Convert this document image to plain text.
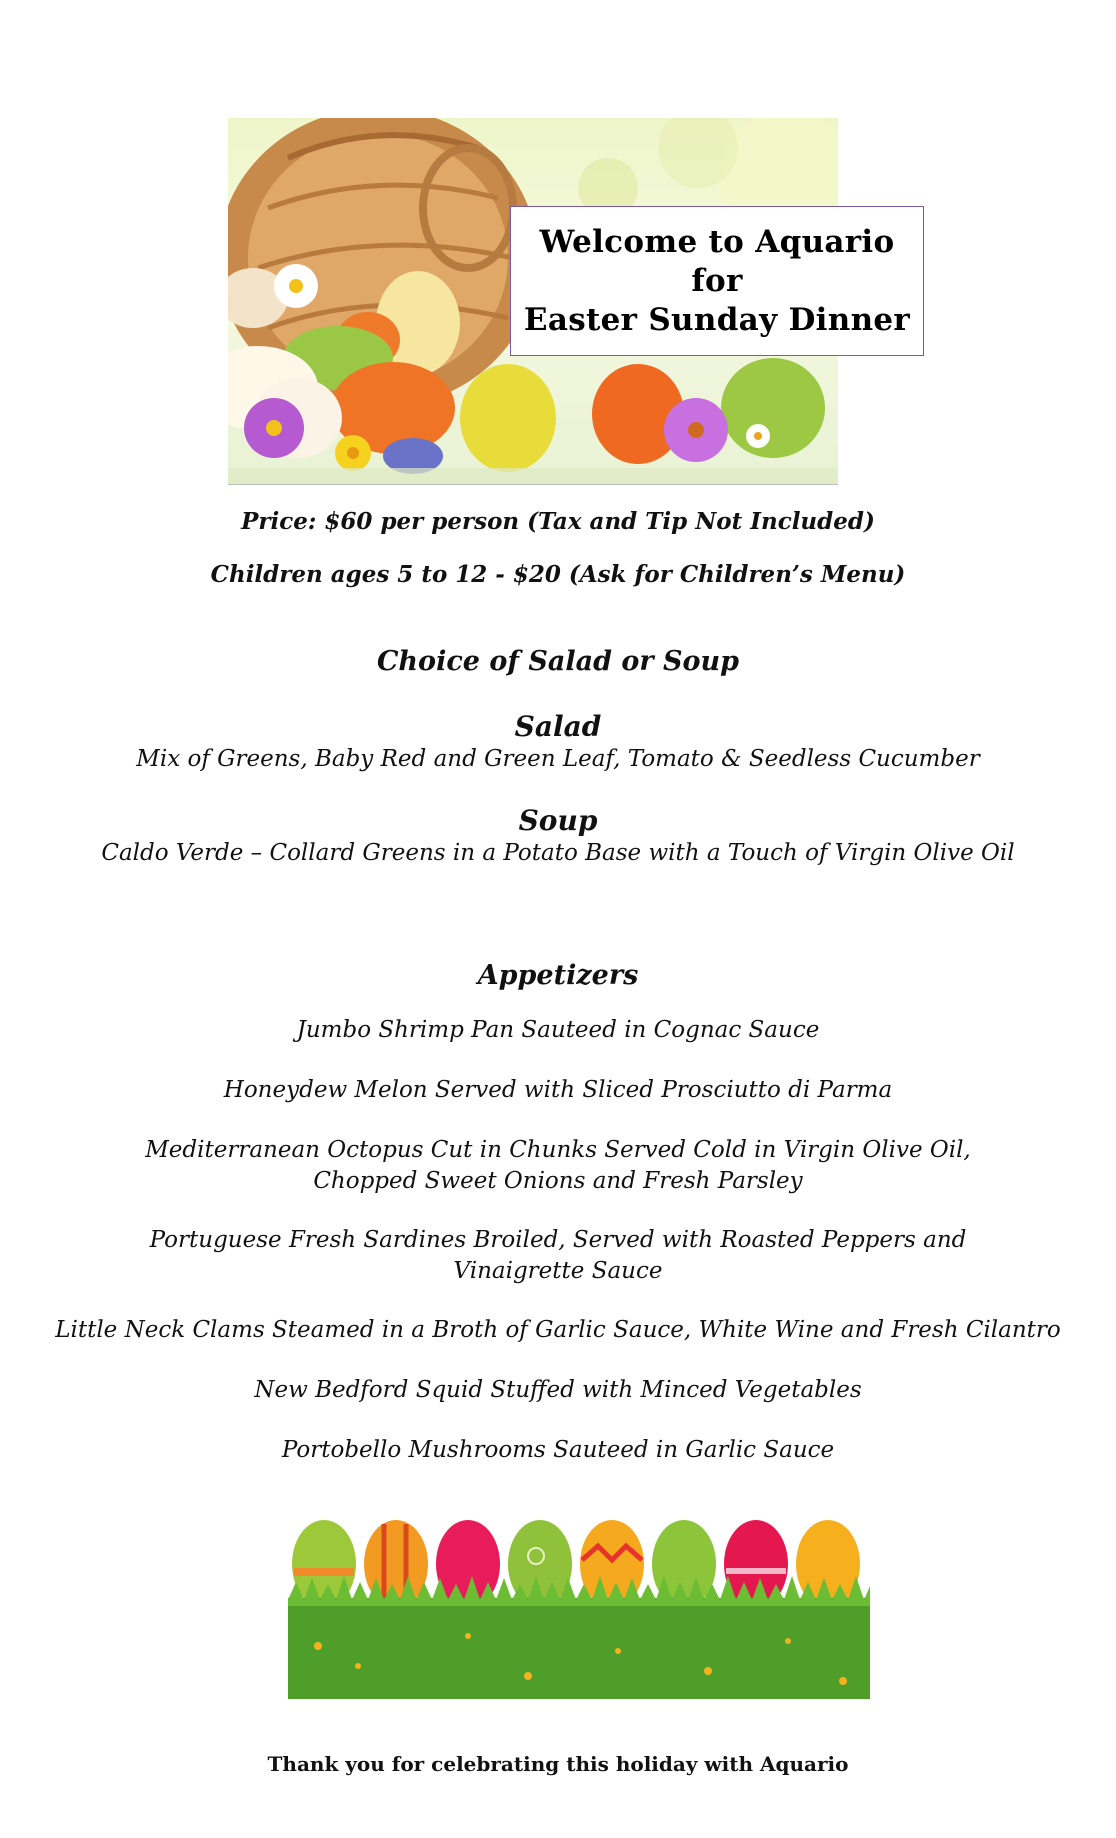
Welcome to Aquario
for
Easter Sunday Dinner
Price: $60 per person (Tax and Tip Not Included)
Children ages 5 to 12 - $20 (Ask for Children’s Menu)
Choice of Salad or Soup
Salad
Mix of Greens, Baby Red and Green Leaf, Tomato & Seedless Cucumber
Soup
Caldo Verde – Collard Greens in a Potato Base with a Touch of Virgin Olive Oil
Appetizers
Jumbo Shrimp Pan Sauteed in Cognac Sauce
Honeydew Melon Served with Sliced Prosciutto di Parma
Mediterranean Octopus Cut in Chunks Served Cold in Virgin Olive Oil,
Chopped Sweet Onions and Fresh Parsley
Portuguese Fresh Sardines Broiled, Served with Roasted Peppers and
Vinaigrette Sauce
Little Neck Clams Steamed in a Broth of Garlic Sauce, White Wine and Fresh Cilantro
New Bedford Squid Stuffed with Minced Vegetables
Portobello Mushrooms Sauteed in Garlic Sauce
Thank you for celebrating this holiday with Aquario
